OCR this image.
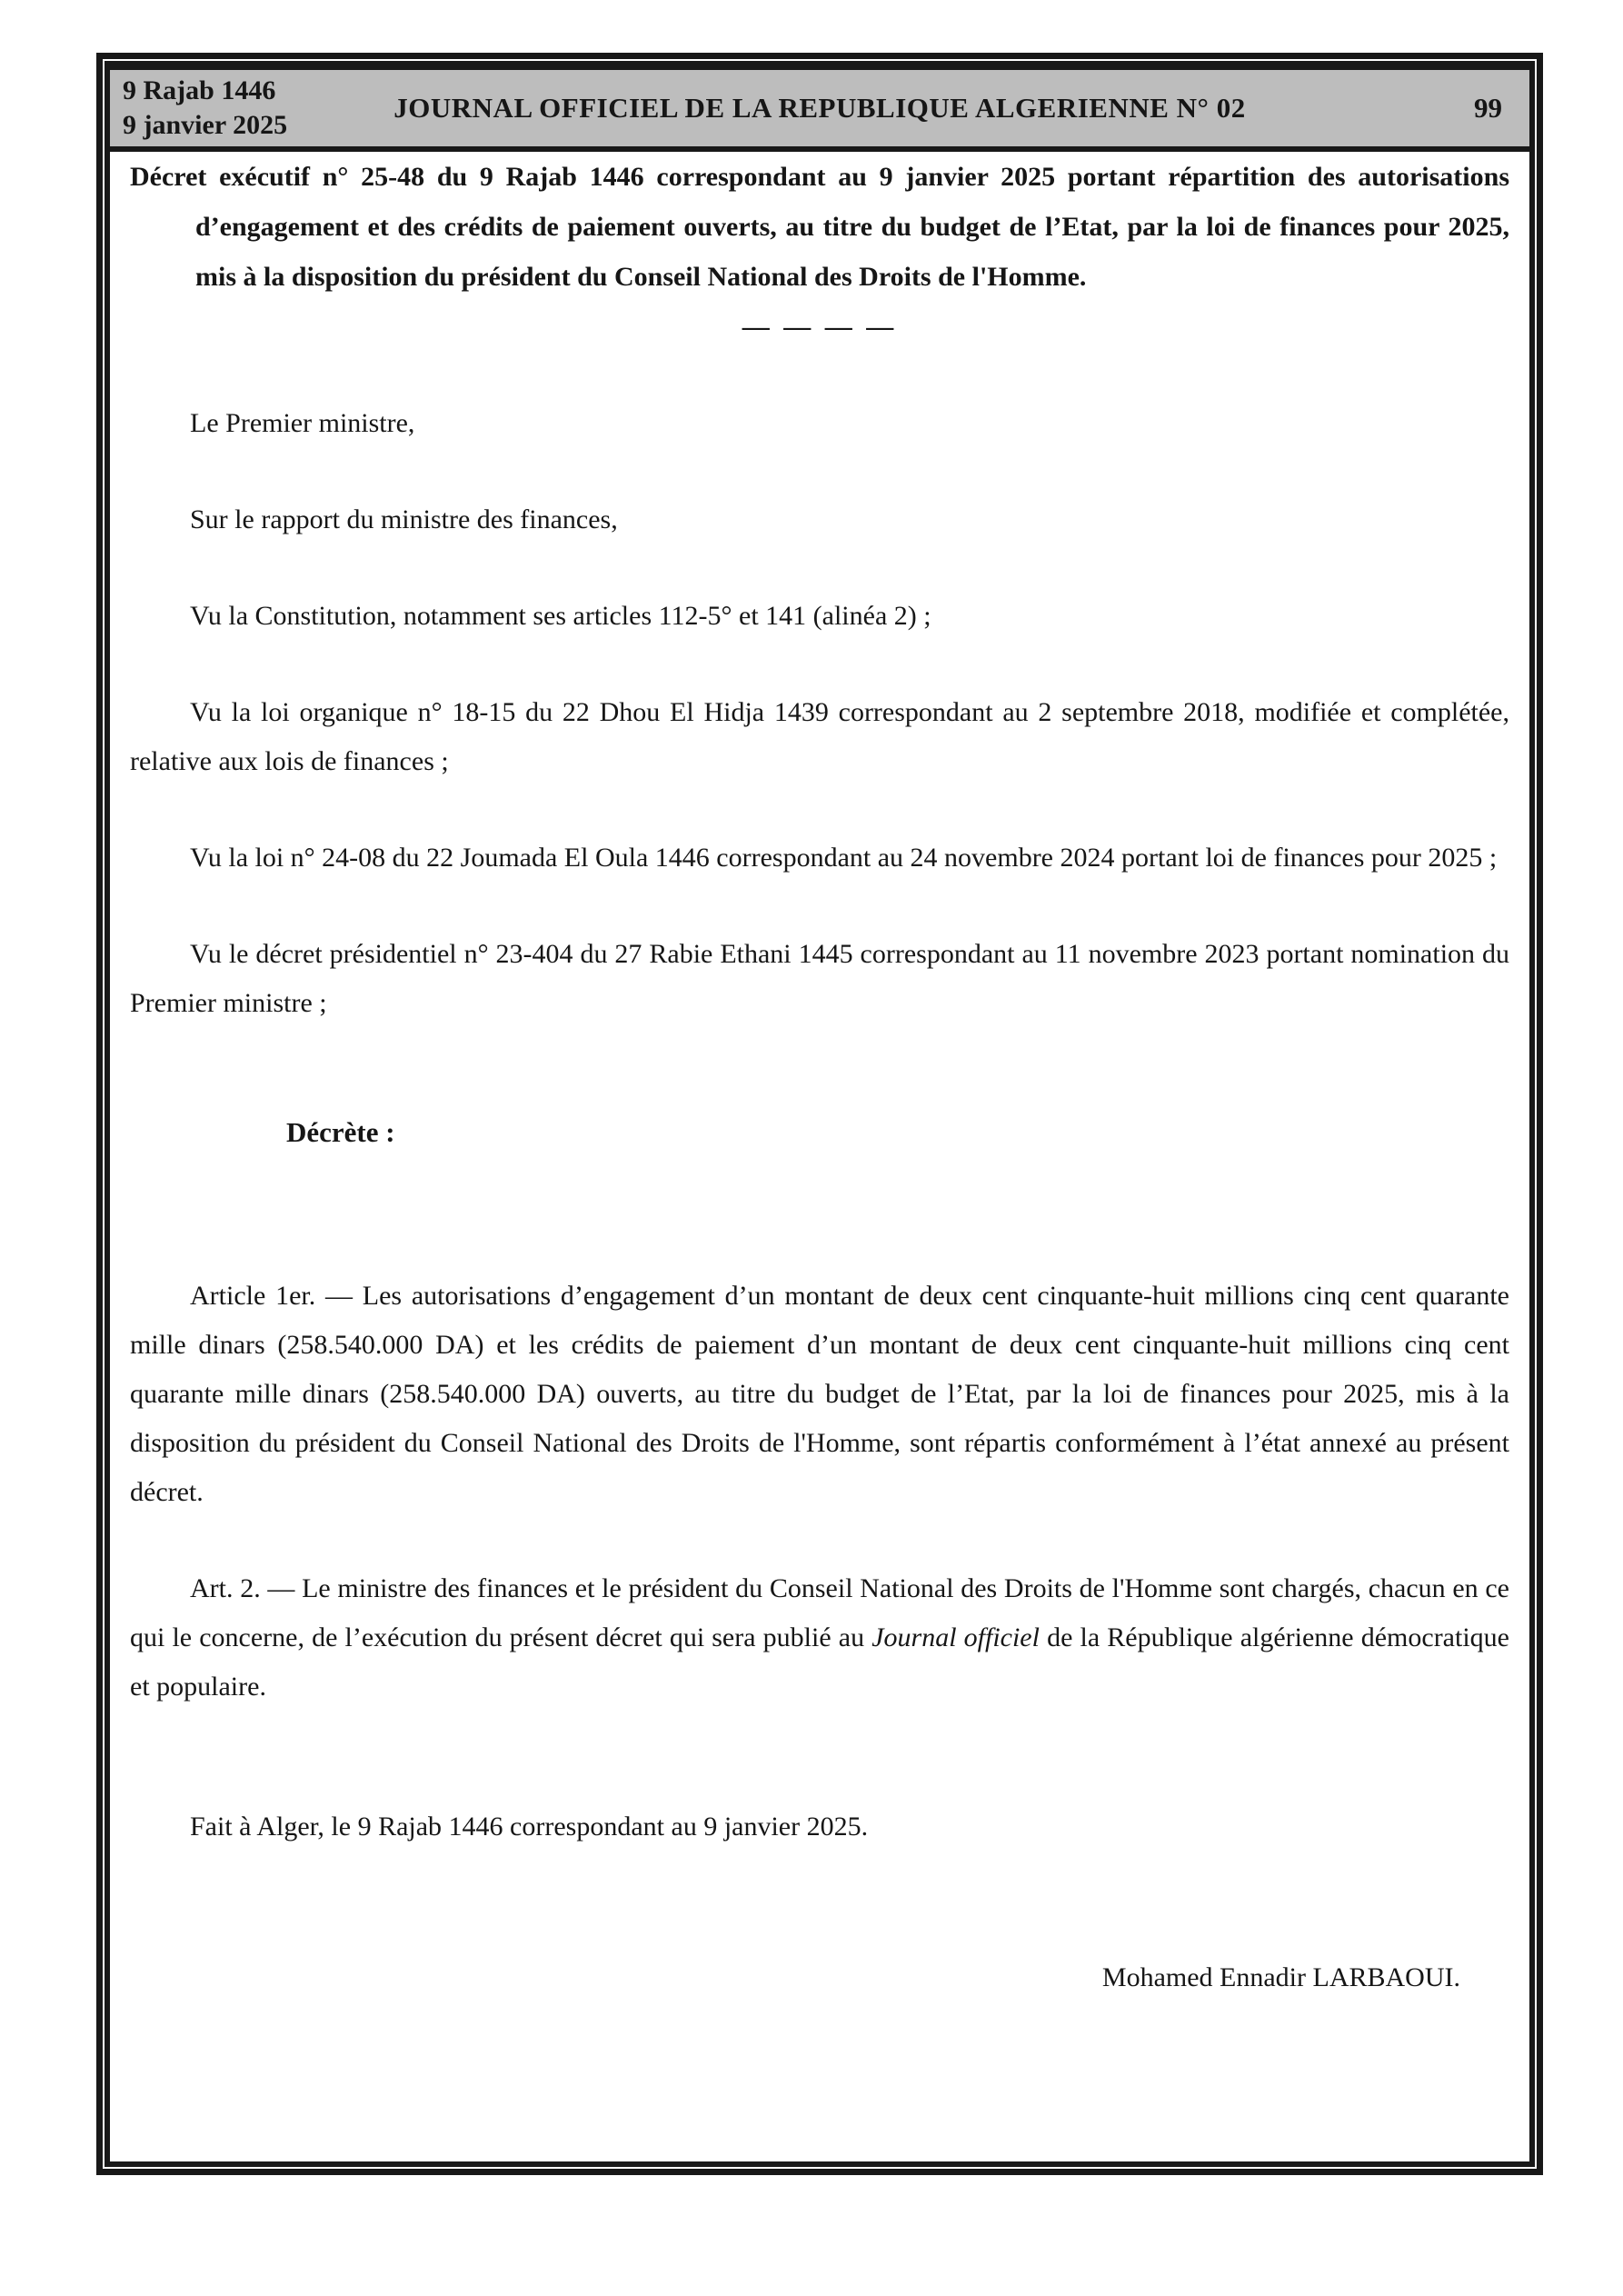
9 Rajab 1446
9 janvier 2025
JOURNAL OFFICIEL DE LA REPUBLIQUE ALGERIENNE N° 02	99

Décret exécutif n° 25-48 du 9 Rajab 1446 correspondant au 9 janvier 2025 portant répartition des autorisations d’engagement et des crédits de paiement ouverts, au titre du budget de l’Etat, par la loi de finances pour 2025, mis à la disposition du président du Conseil National des Droits de l'Homme.

— — — —

Le Premier ministre,

Sur le rapport du ministre des finances,

Vu la Constitution, notamment ses articles 112-5° et 141 (alinéa 2) ;

Vu la loi organique n° 18-15 du 22 Dhou El Hidja 1439 correspondant au 2 septembre 2018, modifiée et complétée, relative aux lois de finances ;

Vu la loi n° 24-08 du 22 Joumada El Oula 1446 correspondant au 24 novembre 2024 portant loi de finances pour 2025 ;

Vu le décret présidentiel n° 23-404 du 27 Rabie Ethani 1445 correspondant au 11 novembre 2023 portant nomination du Premier ministre ;

Décrète :

Article 1er. — Les autorisations d’engagement d’un montant de deux cent cinquante-huit millions cinq cent quarante mille dinars (258.540.000 DA) et les crédits de paiement d’un montant de deux cent cinquante-huit millions cinq cent quarante mille dinars (258.540.000 DA) ouverts, au titre du budget de l’Etat, par la loi de finances pour 2025, mis à la disposition du président du Conseil National des Droits de l'Homme, sont répartis conformément à l’état annexé au présent décret.

Art. 2. — Le ministre des finances et le président du Conseil National des Droits de l'Homme sont chargés, chacun en ce qui le concerne, de l’exécution du présent décret qui sera publié au Journal officiel de la République algérienne démocratique et populaire.

Fait à Alger, le 9 Rajab 1446 correspondant au 9 janvier 2025.

Mohamed Ennadir LARBAOUI.
